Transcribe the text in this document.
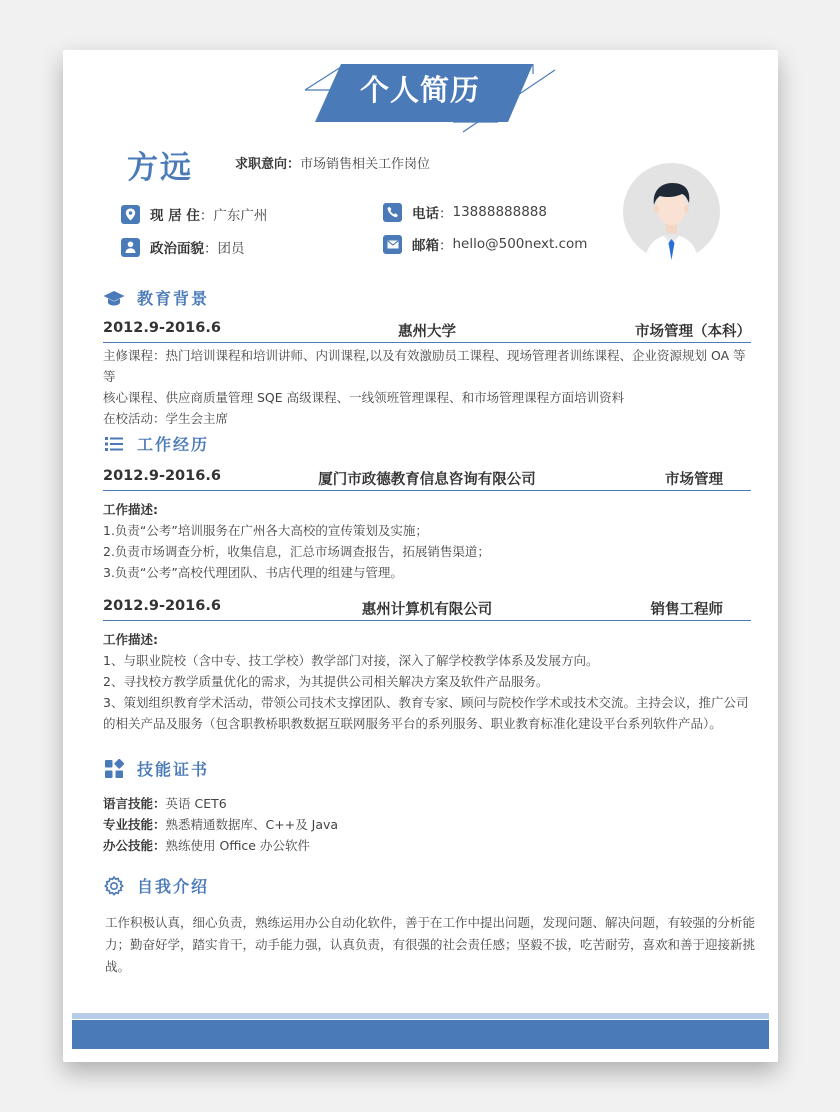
个人简历
方远	求职意向：市场销售相关工作岗位
现 居 住 ： 广东广州
政治面貌 ： 团员
电话 ： 13888888888
邮箱 ： hello@500next.com
教育背景
2012.9-2016.6	惠州大学	市场管理（本科）
主修课程：热门培训课程和培训讲师、内训课程,以及有效激励员工课程、现场管理者训练课程、企业资源规划 OA 等等
核心课程、供应商质量管理 SQE 高级课程、一线领班管理课程、和市场管理课程方面培训资料
在校活动：学生会主席
工作经历
2012.9-2016.6	厦门市政德教育信息咨询有限公司	市场管理
工作描述:
1.负责“公考”培训服务在广州各大高校的宣传策划及实施；
2.负责市场调查分析，收集信息，汇总市场调查报告，拓展销售渠道；
3.负责“公考”高校代理团队、书店代理的组建与管理。
2012.9-2016.6	惠州计算机有限公司	销售工程师
工作描述:
1、与职业院校（含中专、技工学校）教学部门对接，深入了解学校教学体系及发展方向。
2、寻找校方教学质量优化的需求，为其提供公司相关解决方案及软件产品服务。
3、策划组织教育学术活动，带领公司技术支撑团队、教育专家、顾问与院校作学术或技术交流。主持会议，推广公司
的相关产品及服务（包含职教桥职教数据互联网服务平台的系列服务、职业教育标准化建设平台系列软件产品）。
技能证书
语言技能：英语 CET6
专业技能：熟悉精通数据库、C++及 Java
办公技能：熟练使用 Office 办公软件
自我介绍
工作积极认真，细心负责，熟练运用办公自动化软件，善于在工作中提出问题，发现问题、解决问题，有较强的分析能
力；勤奋好学，踏实肯干，动手能力强，认真负责，有很强的社会责任感；坚毅不拔，吃苦耐劳，喜欢和善于迎接新挑
战。
